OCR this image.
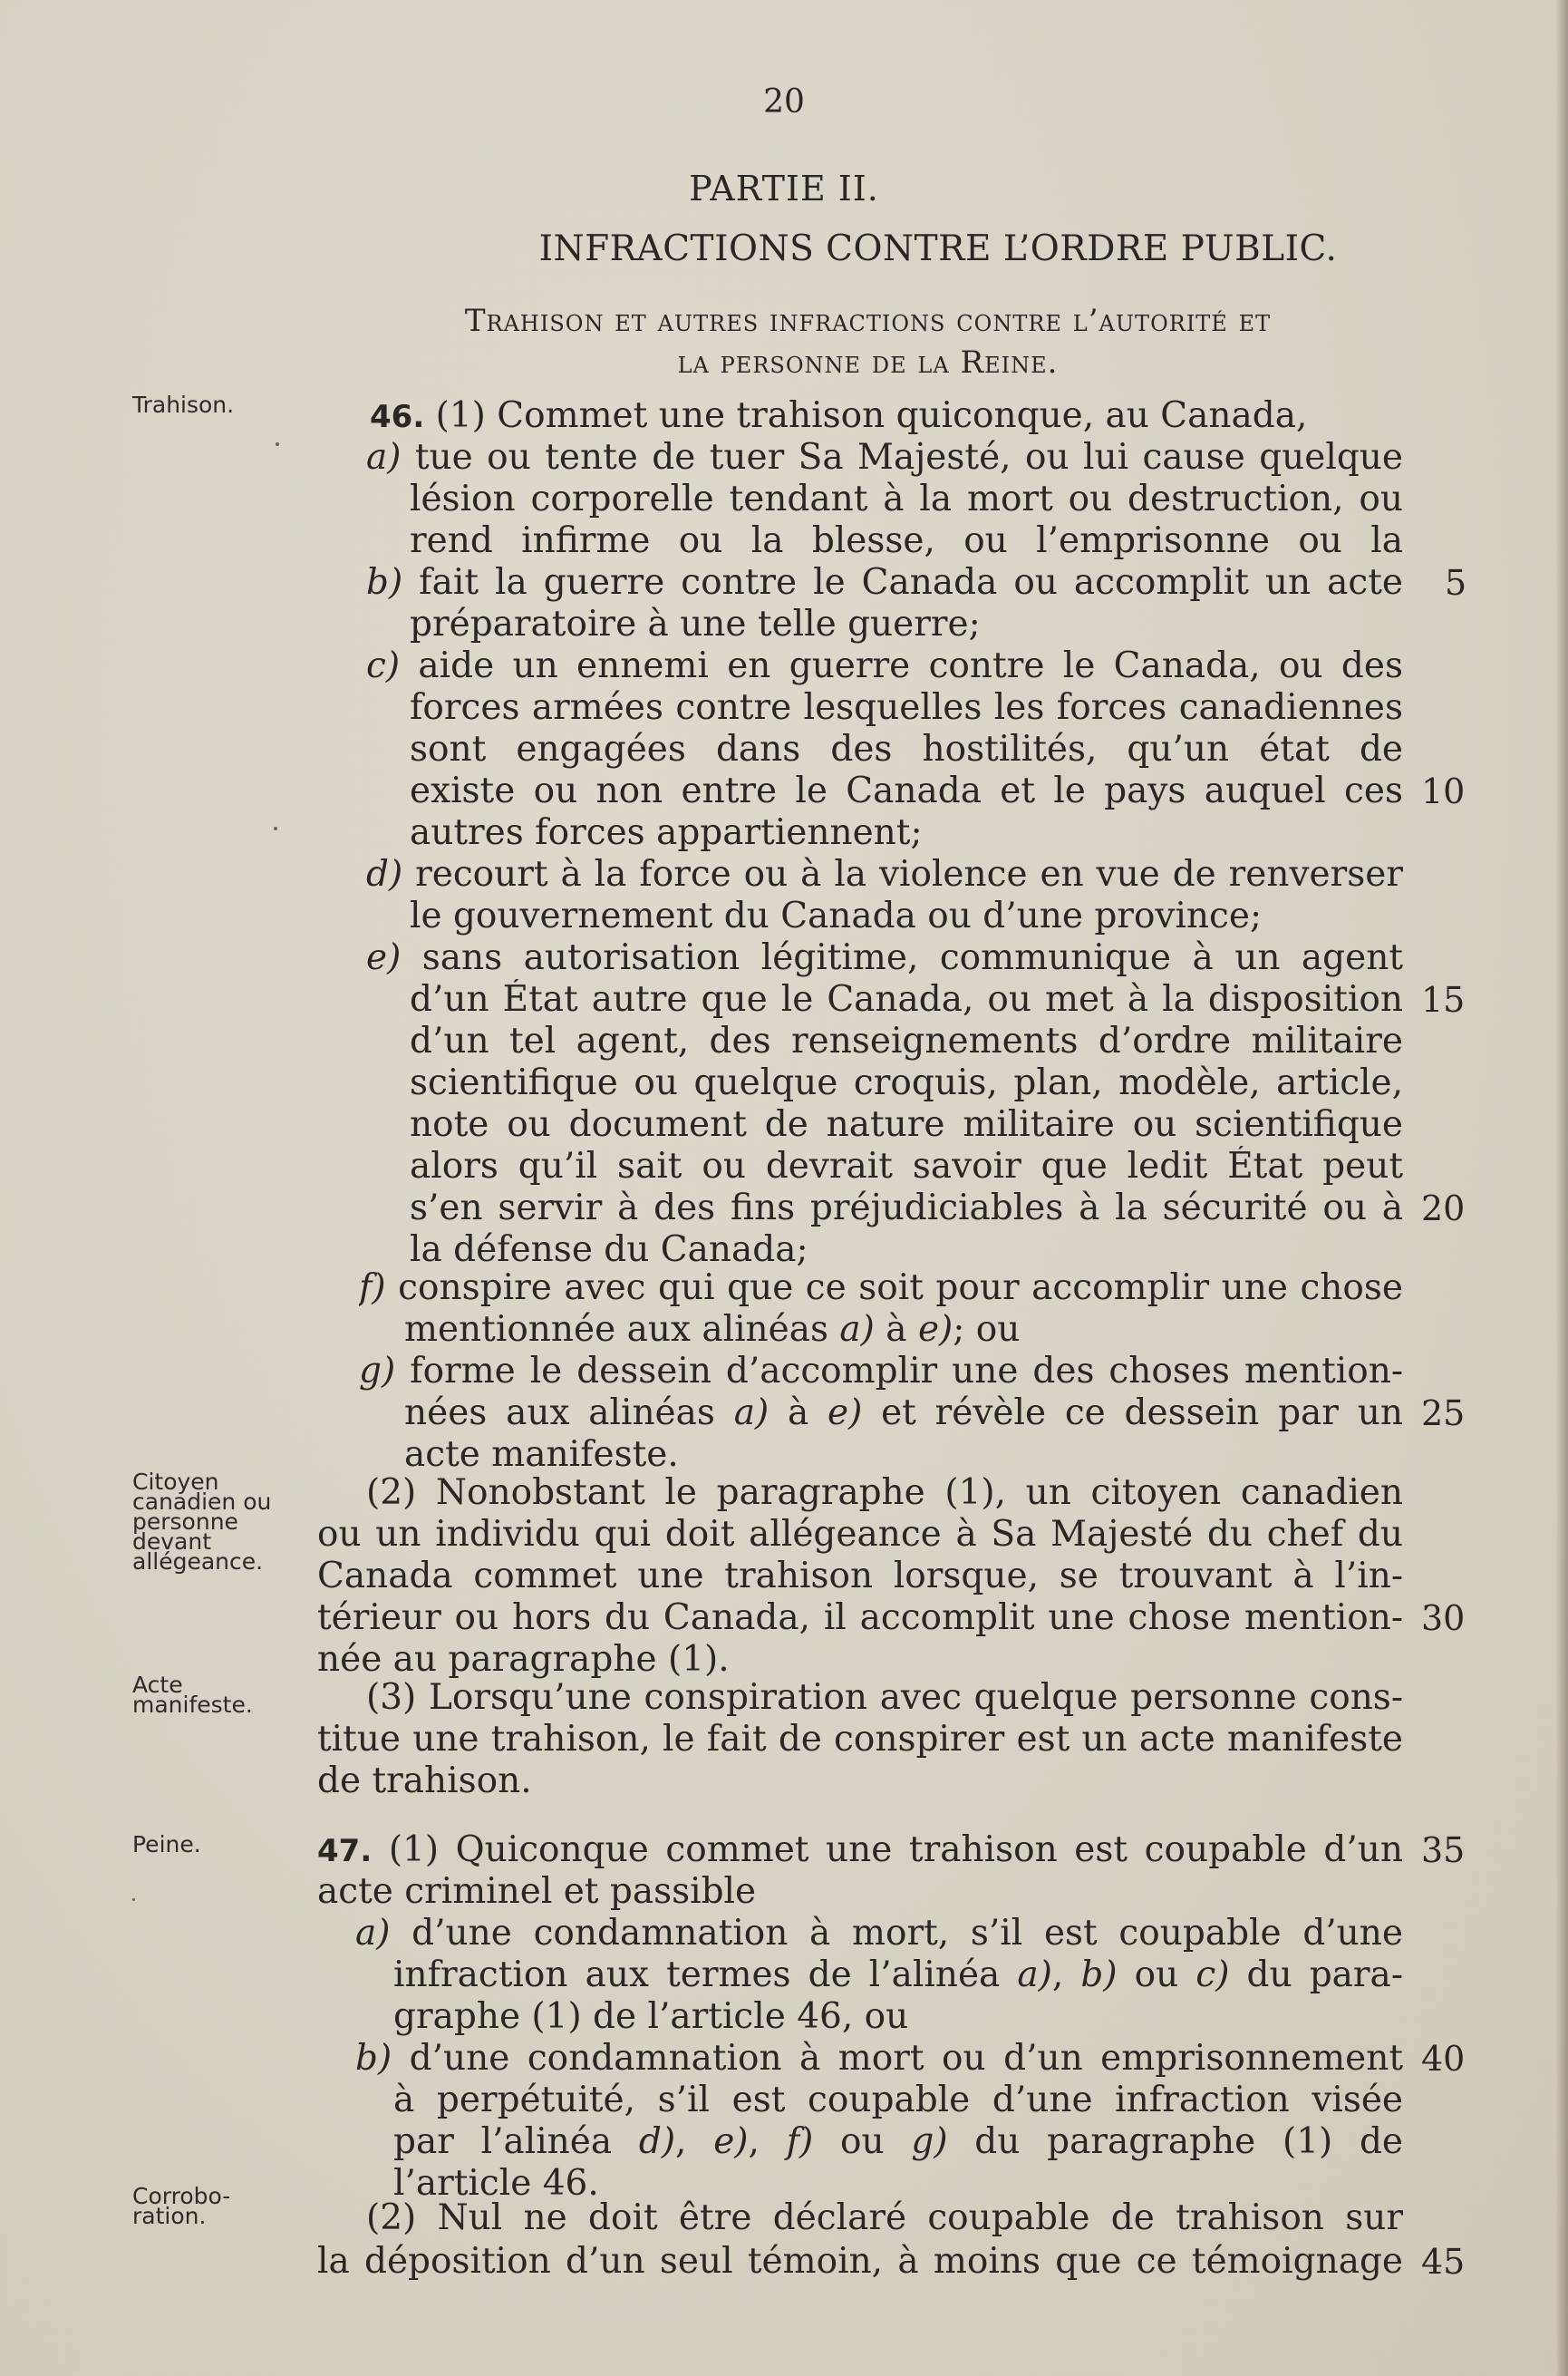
20
PARTIE II.
INFRACTIONS CONTRE L’ORDRE PUBLIC.
Trahison et autres infractions contre l’autorité et
la personne de la Reine.
Trahison.
Citoyen
canadien ou
personne
devant
allégeance.
Acte
manifeste.
Peine.
Corrobo-
ration.
46. (1) Commet une trahison quiconque, au Canada,
a) tue ou tente de tuer Sa Majesté, ou lui cause quelque
lésion corporelle tendant à la mort ou destruction, ou
rend infirme ou la blesse, ou l’emprisonne ou la
b) fait la guerre contre le Canada ou accomplit un acte
préparatoire à une telle guerre;
c) aide un ennemi en guerre contre le Canada, ou des
forces armées contre lesquelles les forces canadiennes
sont engagées dans des hostilités, qu’un état de
existe ou non entre le Canada et le pays auquel ces
autres forces appartiennent;
d) recourt à la force ou à la violence en vue de renverser
le gouvernement du Canada ou d’une province;
e) sans autorisation légitime, communique à un agent
d’un État autre que le Canada, ou met à la disposition
d’un tel agent, des renseignements d’ordre militaire
scientifique ou quelque croquis, plan, modèle, article,
note ou document de nature militaire ou scientifique
alors qu’il sait ou devrait savoir que ledit État peut
s’en servir à des fins préjudiciables à la sécurité ou à
la défense du Canada;
f) conspire avec qui que ce soit pour accomplir une chose
mentionnée aux alinéas a) à e); ou
g) forme le dessein d’accomplir une des choses mention-
nées aux alinéas a) à e) et révèle ce dessein par un
acte manifeste.
(2) Nonobstant le paragraphe (1), un citoyen canadien
ou un individu qui doit allégeance à Sa Majesté du chef du
Canada commet une trahison lorsque, se trouvant à l’in-
térieur ou hors du Canada, il accomplit une chose mention-
née au paragraphe (1).
(3) Lorsqu’une conspiration avec quelque personne cons-
titue une trahison, le fait de conspirer est un acte manifeste
de trahison.
47. (1) Quiconque commet une trahison est coupable d’un
acte criminel et passible
a) d’une condamnation à mort, s’il est coupable d’une
infraction aux termes de l’alinéa a), b) ou c) du para-
graphe (1) de l’article 46, ou
b) d’une condamnation à mort ou d’un emprisonnement
à perpétuité, s’il est coupable d’une infraction visée
par l’alinéa d), e), f) ou g) du paragraphe (1) de
l’article 46.
(2) Nul ne doit être déclaré coupable de trahison sur
la déposition d’un seul témoin, à moins que ce témoignage
5
10
15
20
25
30
35
40
45
